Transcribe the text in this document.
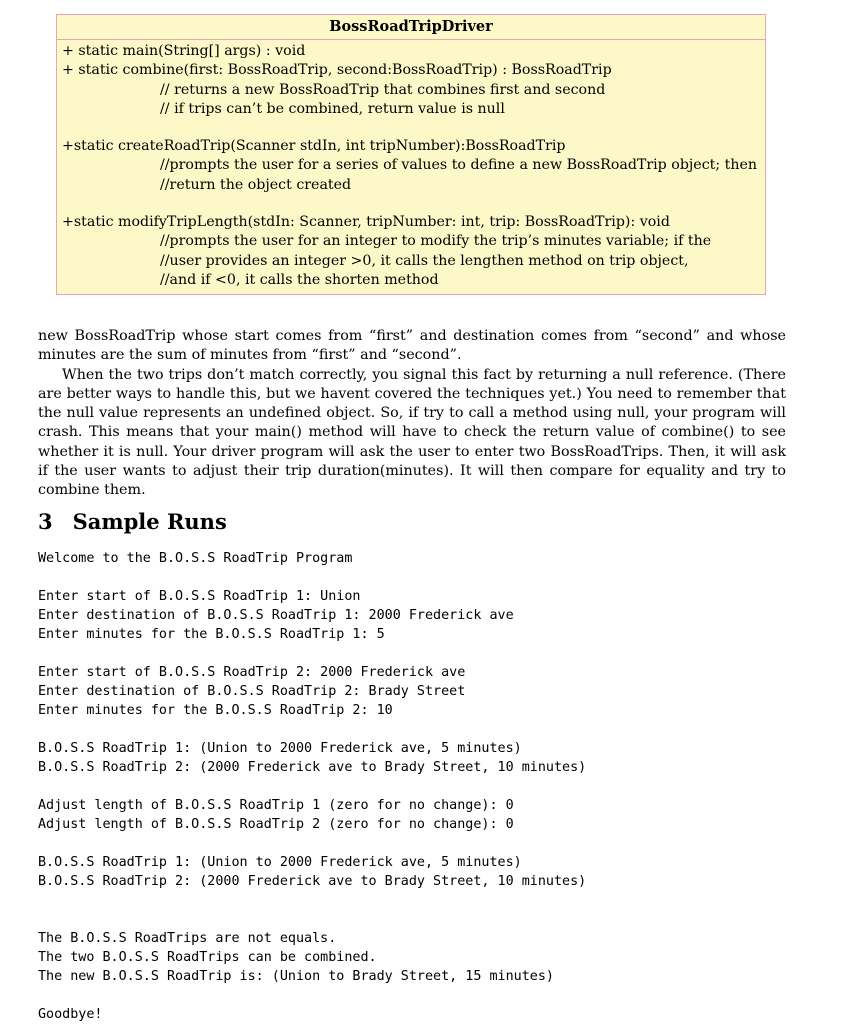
BossRoadTripDriver
+ static main(String[] args) : void
+ static combine(first: BossRoadTrip, second:BossRoadTrip) : BossRoadTrip
// returns a new BossRoadTrip that combines first and second
// if trips can’t be combined, return value is null
+static createRoadTrip(Scanner stdIn, int tripNumber):BossRoadTrip
//prompts the user for a series of values to define a new BossRoadTrip object; then
//return the object created
+static modifyTripLength(stdIn: Scanner, tripNumber: int, trip: BossRoadTrip): void
//prompts the user for an integer to modify the trip’s minutes variable; if the
//user provides an integer >0, it calls the lengthen method on trip object,
//and if <0, it calls the shorten method

new BossRoadTrip whose start comes from “first” and destination comes from “second” and whose minutes are the sum of minutes from “first” and “second”.

When the two trips don’t match correctly, you signal this fact by returning a null reference. (There are better ways to handle this, but we havent covered the techniques yet.) You need to remember that the null value represents an undefined object. So, if try to call a method using null, your program will crash. This means that your main() method will have to check the return value of combine() to see whether it is null. Your driver program will ask the user to enter two BossRoadTrips. Then, it will ask if the user wants to adjust their trip duration(minutes). It will then compare for equality and try to combine them.

3 Sample Runs
Welcome to the B.O.S.S RoadTrip Program
Enter start of B.O.S.S RoadTrip 1: Union
Enter destination of B.O.S.S RoadTrip 1: 2000 Frederick ave
Enter minutes for the B.O.S.S RoadTrip 1: 5
Enter start of B.O.S.S RoadTrip 2: 2000 Frederick ave
Enter destination of B.O.S.S RoadTrip 2: Brady Street
Enter minutes for the B.O.S.S RoadTrip 2: 10
B.O.S.S RoadTrip 1: (Union to 2000 Frederick ave, 5 minutes)
B.O.S.S RoadTrip 2: (2000 Frederick ave to Brady Street, 10 minutes)
Adjust length of B.O.S.S RoadTrip 1 (zero for no change): 0
Adjust length of B.O.S.S RoadTrip 2 (zero for no change): 0
B.O.S.S RoadTrip 1: (Union to 2000 Frederick ave, 5 minutes)
B.O.S.S RoadTrip 2: (2000 Frederick ave to Brady Street, 10 minutes)
The B.O.S.S RoadTrips are not equals.
The two B.O.S.S RoadTrips can be combined.
The new B.O.S.S RoadTrip is: (Union to Brady Street, 15 minutes)
Goodbye!
